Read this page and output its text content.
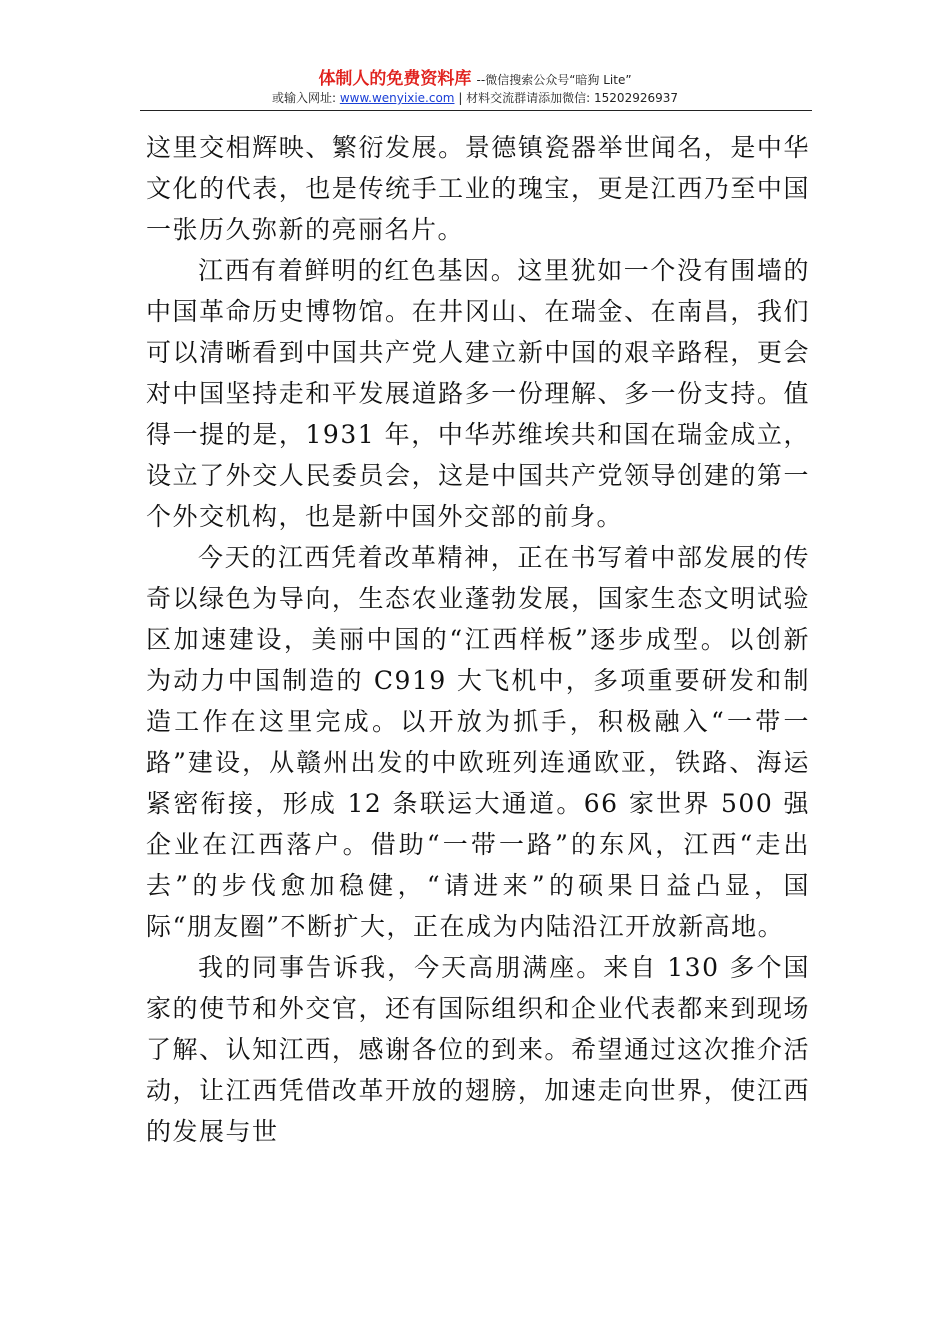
体制人的免费资料库 --微信搜索公众号“暗狗 Lite”
或输入网址: www.wenyixie.com | 材料交流群请添加微信: 15202926937

这里交相辉映、繁衍发展。景德镇瓷器举世闻名，是中华文化的代表，也是传统手工业的瑰宝，更是江西乃至中国一张历久弥新的亮丽名片。

江西有着鲜明的红色基因。这里犹如一个没有围墙的中国革命历史博物馆。在井冈山、在瑞金、在南昌，我们可以清晰看到中国共产党人建立新中国的艰辛路程，更会对中国坚持走和平发展道路多一份理解、多一份支持。值得一提的是，1931 年，中华苏维埃共和国在瑞金成立，设立了外交人民委员会，这是中国共产党领导创建的第一个外交机构，也是新中国外交部的前身。

今天的江西凭着改革精神，正在书写着中部发展的传奇以绿色为导向，生态农业蓬勃发展，国家生态文明试验区加速建设，美丽中国的“江西样板”逐步成型。以创新为动力中国制造的 C919 大飞机中，多项重要研发和制造工作在这里完成。以开放为抓手，积极融入“一带一路”建设，从赣州出发的中欧班列连通欧亚，铁路、海运紧密衔接，形成 12 条联运大通道。66 家世界 500 强企业在江西落户。借助“一带一路”的东风，江西“走出去”的步伐愈加稳健，“请进来”的硕果日益凸显，国际“朋友圈”不断扩大，正在成为内陆沿江开放新高地。

我的同事告诉我，今天高朋满座。来自 130 多个国家的使节和外交官，还有国际组织和企业代表都来到现场了解、认知江西，感谢各位的到来。希望通过这次推介活动，让江西凭借改革开放的翅膀，加速走向世界，使江西的发展与世
